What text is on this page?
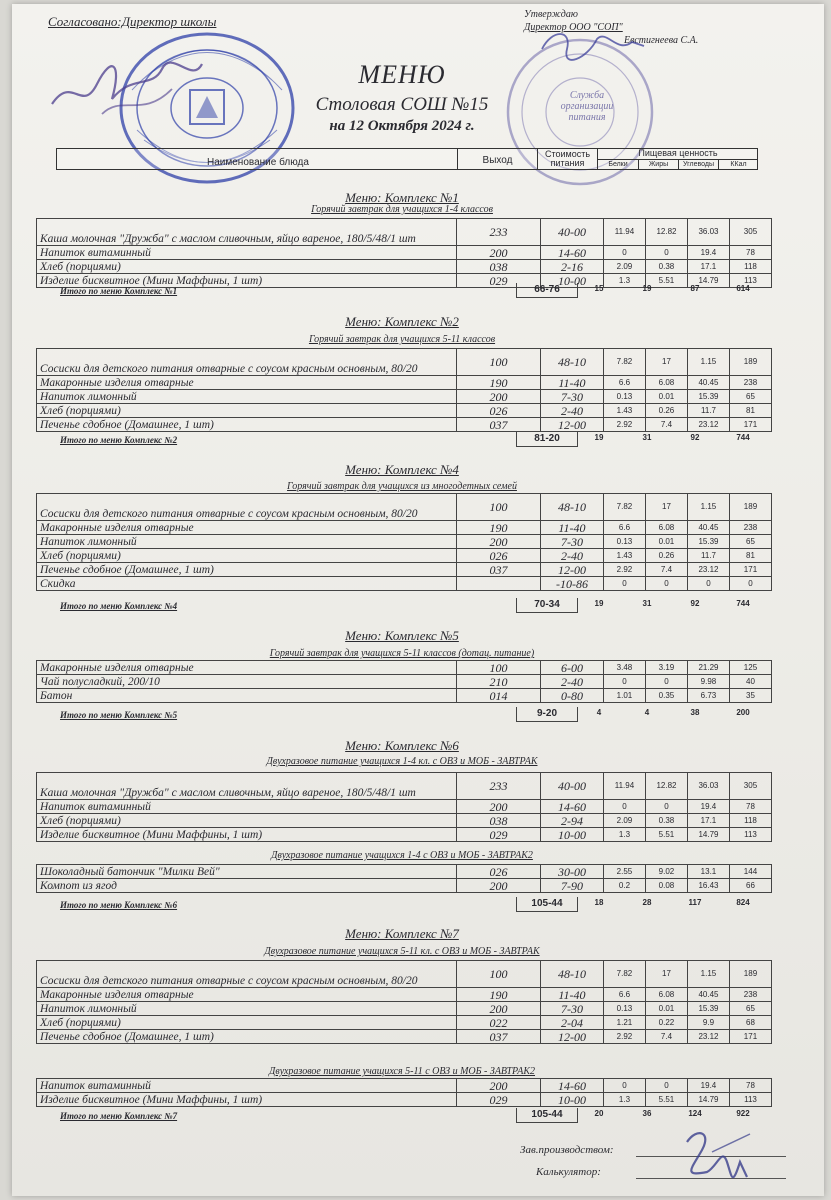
Согласовано:Директор школы	Утверждаю
Директор ООО "СОП"
Евстигнеева С.А.
Служба организации питания
МЕНЮ
Столовая СОШ №15
на 12 Октября 2024 г.
Наименование блюда	Выход
Стоимость питания
Пищевая ценность
Белки	Жиры	Углеводы	ККал
Меню: Комплекс №1
Горячий завтрак для учащихся 1-4 классов
Каша молочная "Дружба" с маслом сливочным, яйцо вареное, 180/5/48/1 шт	233	40-00	11.94	12.82	36.03	305
Напиток витаминный	200	14-60	0	0	19.4	78
Хлеб (порциями)	038	2-16	2.09	0.38	17.1	118
Изделие бисквитное (Мини Маффины, 1 шт)	029	10-00	1.3	5.51	14.79	113
Итого по меню Комплекс №1	66-76	15	19	87	614
Меню: Комплекс №2
Горячий завтрак для учащихся 5-11 классов
Сосиски для детского питания отварные с соусом красным основным, 80/20	100	48-10	7.82	17	1.15	189
Макаронные изделия отварные	190	11-40	6.6	6.08	40.45	238
Напиток лимонный	200	7-30	0.13	0.01	15.39	65
Хлеб (порциями)	026	2-40	1.43	0.26	11.7	81
Печенье сдобное (Домашнее, 1 шт)	037	12-00	2.92	7.4	23.12	171
Итого по меню Комплекс №2	81-20	19	31	92	744
Меню: Комплекс №4
Горячий завтрак для учащихся из многодетных семей
Сосиски для детского питания отварные с соусом красным основным, 80/20	100	48-10	7.82	17	1.15	189
Макаронные изделия отварные	190	11-40	6.6	6.08	40.45	238
Напиток лимонный	200	7-30	0.13	0.01	15.39	65
Хлеб (порциями)	026	2-40	1.43	0.26	11.7	81
Печенье сдобное (Домашнее, 1 шт)	037	12-00	2.92	7.4	23.12	171
Скидка		-10-86	0	0	0	0
Итого по меню Комплекс №4	70-34	19	31	92	744
Меню: Комплекс №5
Горячий завтрак для учащихся 5-11 классов (дотац. питание)
Макаронные изделия отварные	100	6-00	3.48	3.19	21.29	125
Чай полусладкий, 200/10	210	2-40	0	0	9.98	40
Батон	014	0-80	1.01	0.35	6.73	35
Итого по меню Комплекс №5	9-20	4	4	38	200
Меню: Комплекс №6
Двухразовое питание учащихся 1-4 кл. с ОВЗ и МОБ - ЗАВТРАК
Каша молочная "Дружба" с маслом сливочным, яйцо вареное, 180/5/48/1 шт	233	40-00	11.94	12.82	36.03	305
Напиток витаминный	200	14-60	0	0	19.4	78
Хлеб (порциями)	038	2-94	2.09	0.38	17.1	118
Изделие бисквитное (Мини Маффины, 1 шт)	029	10-00	1.3	5.51	14.79	113
Двухразовое питание учащихся 1-4 с ОВЗ и МОБ - ЗАВТРАК2
Шоколадный батончик "Милки Вей"	026	30-00	2.55	9.02	13.1	144
Компот из ягод	200	7-90	0.2	0.08	16.43	66
Итого по меню Комплекс №6	105-44	18	28	117	824
Меню: Комплекс №7
Двухразовое питание учащихся 5-11 кл. с ОВЗ и МОБ - ЗАВТРАК
Сосиски для детского питания отварные с соусом красным основным, 80/20	100	48-10	7.82	17	1.15	189
Макаронные изделия отварные	190	11-40	6.6	6.08	40.45	238
Напиток лимонный	200	7-30	0.13	0.01	15.39	65
Хлеб (порциями)	022	2-04	1.21	0.22	9.9	68
Печенье сдобное (Домашнее, 1 шт)	037	12-00	2.92	7.4	23.12	171
Двухразовое питание учащихся 5-11 с ОВЗ и МОБ - ЗАВТРАК2
Напиток витаминный	200	14-60	0	0	19.4	78
Изделие бисквитное (Мини Маффины, 1 шт)	029	10-00	1.3	5.51	14.79	113
Итого по меню Комплекс №7	105-44	20	36	124	922
Зав.производством:
Калькулятор:
